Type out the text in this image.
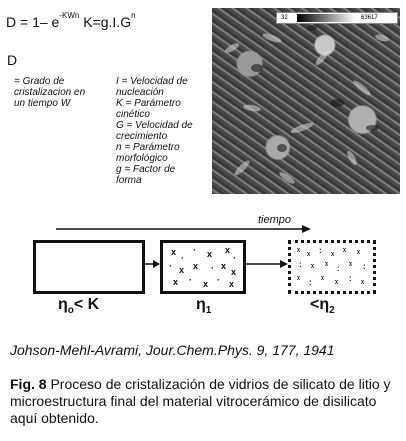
D = 1– $e^{-KWn}$ $K=g.I.G^n$
D
= Grado de
cristalizacion en
un tiempo W
I = Velocidad de
nucleación
K = Parámetro
cinético
G = Velocidad de
crecimiento
n = Parámetro
morfológico
g = Factor de
forma
32	63617
tiempo
x
·
· x x
·
· x x · x
x
x · x · x
ᵡ ᵡ : ᵡ ᵡ ᵡ
: ᵡ ᵡ : ᵡ :
ᵡ : ᵡ ᵡ : ᵡ
$\eta_o< K$	$\eta_1$	$<\eta_2$
Johson-Mehl-Avrami, Jour.Chem.Phys. 9, 177, 1941
Fig. 8 Proceso de cristalización de vidrios de silicato de litio y microestructura final del material vitrocerámico de disilicato aquí obtenido.
